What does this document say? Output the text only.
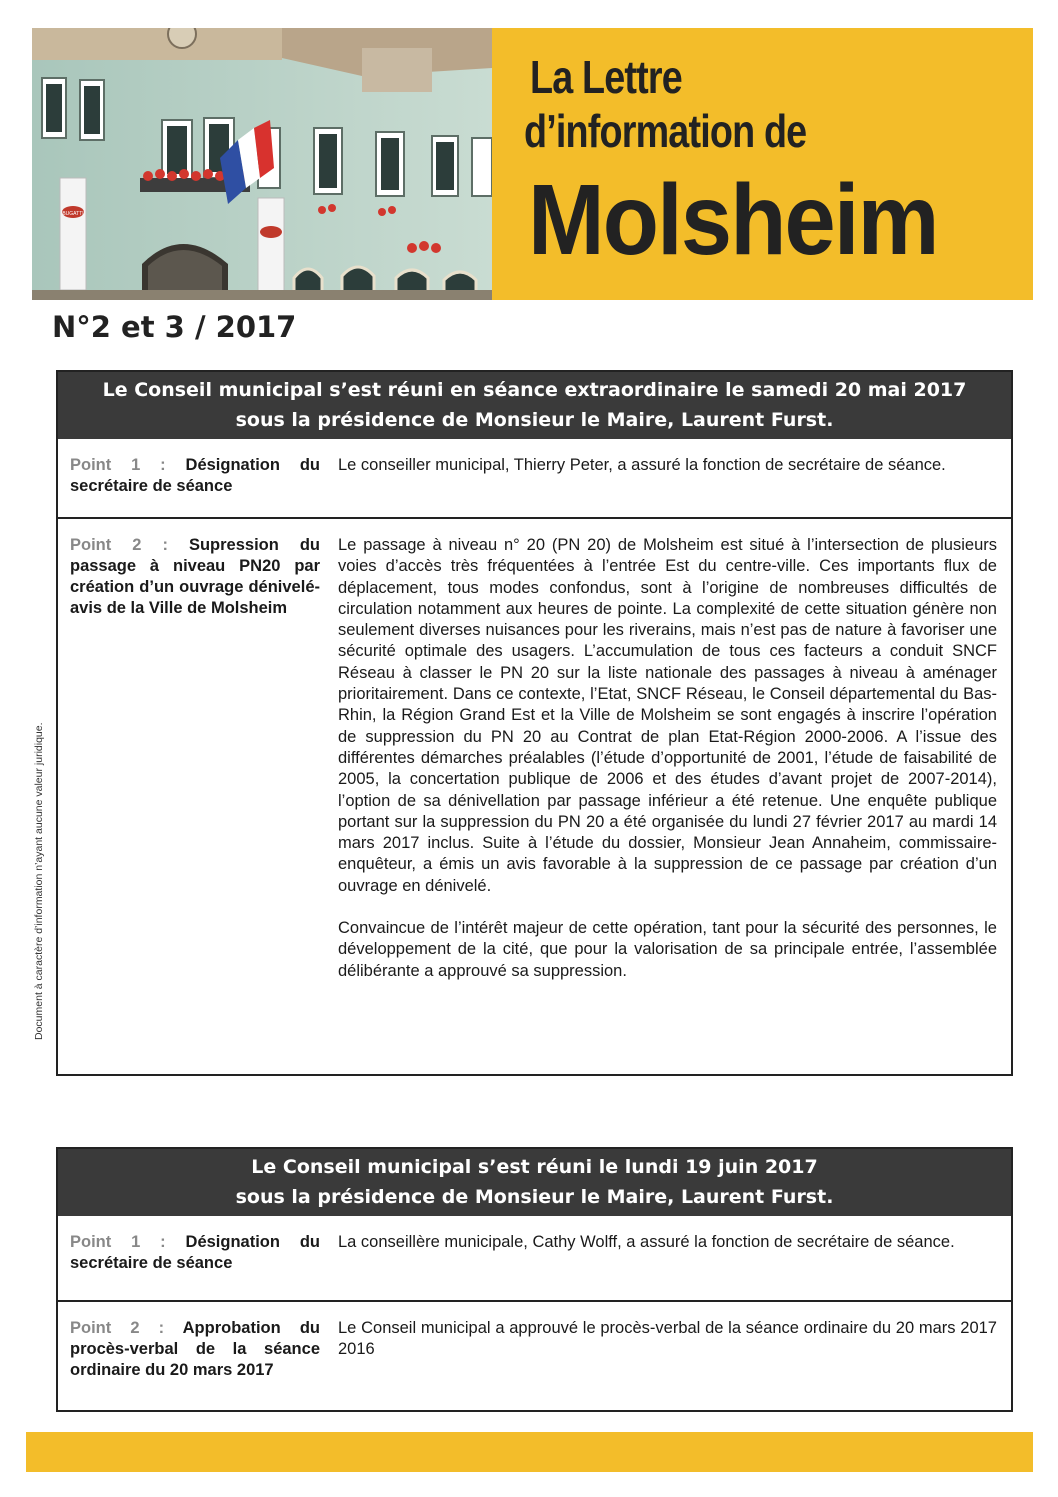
BUGATTI
La Lettre
d’information de
Molsheim
N°2 et 3 / 2017
Document à caractère d’information n’ayant aucune valeur juridique.
Le Conseil municipal s’est réuni en séance extraordinaire le samedi 20 mai 2017
sous la présidence de Monsieur le Maire, Laurent Furst.
Point 1 : Désignation du secrétaire de séance

Le conseiller municipal, Thierry Peter, a assuré la fonction de secrétaire de séance.

Point 2 : Supression du passage à niveau PN20 par création d’un ouvrage dénivelé- avis de la Ville de Molsheim

Le passage à niveau n° 20 (PN 20) de Molsheim est situé à l’intersection de plusieurs voies d’accès très fréquentées à l’entrée Est du centre-ville. Ces importants flux de déplacement, tous modes confondus, sont à l’origine de nombreuses difficultés de circulation notamment aux heures de pointe. La complexité de cette situation génère non seulement diverses nuisances pour les riverains, mais n’est pas de nature à favoriser une sécurité optimale des usagers. L’accumulation de tous ces facteurs a conduit SNCF Réseau à classer le PN 20 sur la liste nationale des passages à niveau à aménager prioritairement. Dans ce contexte, l’Etat, SNCF Réseau, le Conseil départemental du Bas-Rhin, la Région Grand Est et la Ville de Molsheim se sont engagés à inscrire l’opération de suppression du PN 20 au Contrat de plan Etat-Région 2000-2006. A l’issue des différentes démarches préalables (l’étude d’opportunité de 2001, l’étude de faisabilité de 2005, la concertation publique de 2006 et des études d’avant projet de 2007-2014), l’option de sa dénivellation par passage inférieur a été retenue. Une enquête publique portant sur la suppression du PN 20 a été organisée du lundi 27 février 2017 au mardi 14 mars 2017 inclus. Suite à l’étude du dossier, Monsieur Jean Annaheim, commissaire-enquêteur, a émis un avis favorable à la suppression de ce passage par création d’un ouvrage en dénivelé.

Convaincue de l’intérêt majeur de cette opération, tant pour la sécurité des personnes, le développement de la cité, que pour la valorisation de sa principale entrée, l’assemblée délibérante a approuvé sa suppression.

Le Conseil municipal s’est réuni le lundi 19 juin 2017
sous la présidence de Monsieur le Maire, Laurent Furst.
Point 1 : Désignation du secrétaire de séance

La conseillère municipale, Cathy Wolff, a assuré la fonction de secrétaire de séance.

Point 2 : Approbation du procès-verbal de la séance ordinaire du 20 mars 2017

Le Conseil municipal a approuvé le procès-verbal de la séance ordinaire du 20 mars 2017 2016
